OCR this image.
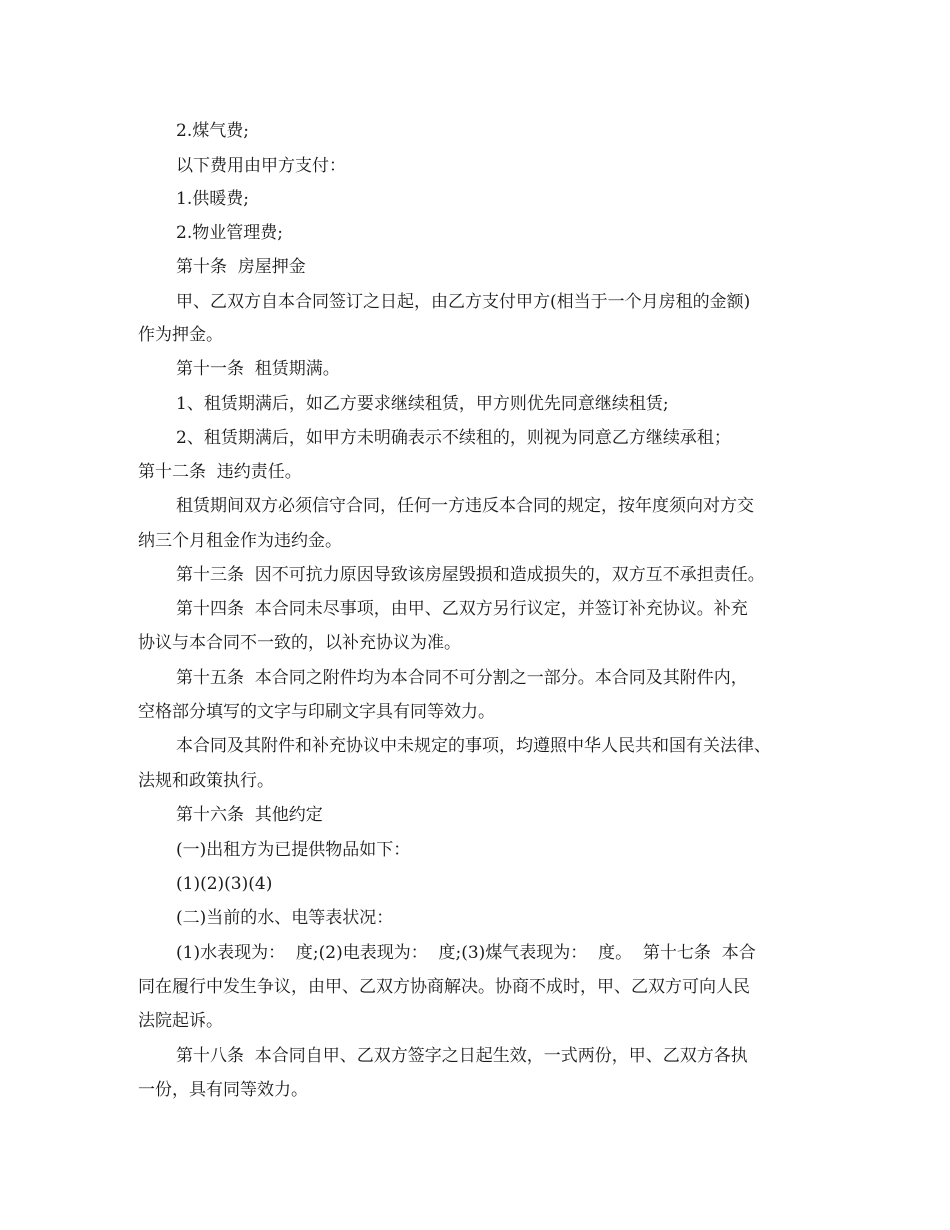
2.煤气费;
以下费用由甲方支付：
1.供暖费;
2.物业管理费;
第十条  房屋押金
甲、乙双方自本合同签订之日起，由乙方支付甲方(相当于一个月房租的金额)
作为押金。
第十一条  租赁期满。
1、租赁期满后，如乙方要求继续租赁，甲方则优先同意继续租赁;
2、租赁期满后，如甲方未明确表示不续租的，则视为同意乙方继续承租；
第十二条  违约责任。
租赁期间双方必须信守合同，任何一方违反本合同的规定，按年度须向对方交
纳三个月租金作为违约金。
第十三条  因不可抗力原因导致该房屋毁损和造成损失的，双方互不承担责任。
第十四条  本合同未尽事项，由甲、乙双方另行议定，并签订补充协议。补充
协议与本合同不一致的，以补充协议为准。
第十五条  本合同之附件均为本合同不可分割之一部分。本合同及其附件内，
空格部分填写的文字与印刷文字具有同等效力。
本合同及其附件和补充协议中未规定的事项，均遵照中华人民共和国有关法律、
法规和政策执行。
第十六条  其他约定
(一)出租方为已提供物品如下：
(1)(2)(3)(4)
(二)当前的水、电等表状况：
(1)水表现为：  度;(2)电表现为：  度;(3)煤气表现为：  度。  第十七条  本合
同在履行中发生争议，由甲、乙双方协商解决。协商不成时，甲、乙双方可向人民
法院起诉。
第十八条  本合同自甲、乙双方签字之日起生效，一式两份，甲、乙双方各执
一份，具有同等效力。
